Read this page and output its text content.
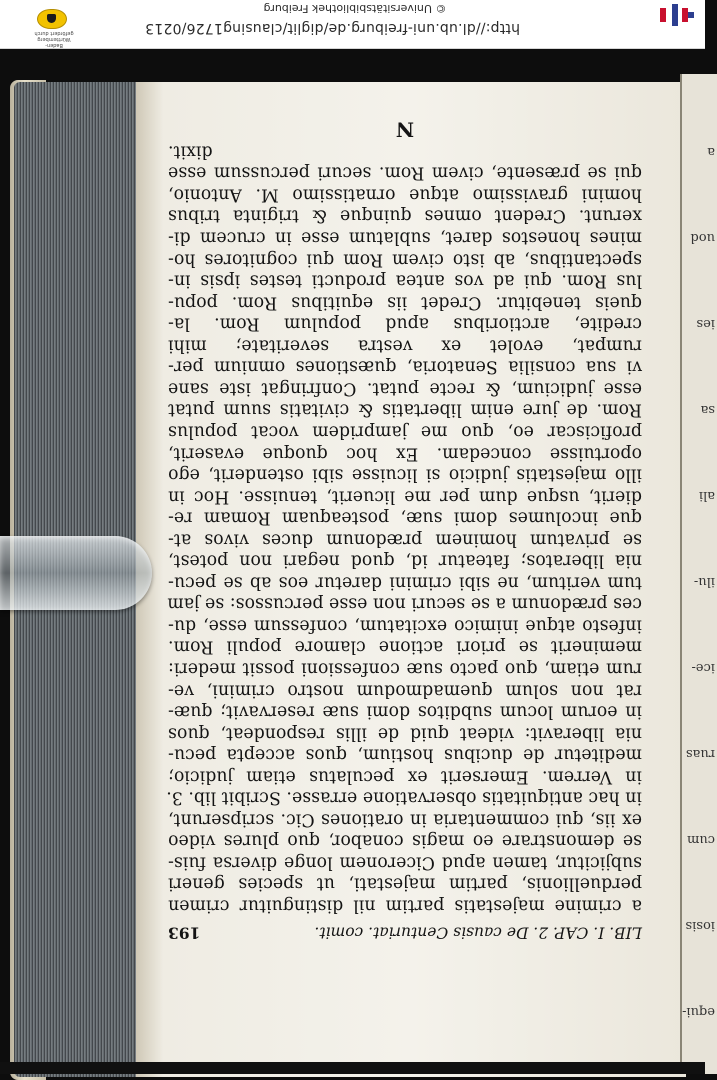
Baden-Württemberg
gefördert durch
© Universitätsbibliothek Freiburg
http://dl.ub.uni-freiburg.de/diglit/clausing1726/0213
equi-
iosis
cum
ruas
ice-
ilu-
ali
sa
ies
uod
a
LIB. I. CAP. 2. De causis Centuriat. comit.
193
a crimine majestatis partim nil distinguitur crimen
perduellionis, partim majestati, ut species generi
subjicitur, tamen apud Ciceronem longe diversa fuis-
se demonstrare eo magis conabor, quo plures video
ex iis, qui commentaria in orationes Cic. scripserunt,
in hac antiquitatis observatione errasse. Scribit lib. 3.
in Verrem. Emerserit ex peculatus etiam judicio;
meditetur de ducibus hostium, quos accepta pecu-
nia liberavit: videat quid de illis respondeat, quos
in eorum locum subditos domi suæ reservavit; quæ-
rat non solum quemadmodum nostro crimini, ve-
rum etiam, quo pacto suæ confessioni possit mederi:
meminerit se priori actione clamore populi Rom.
infesto atque inimico excitatum, confessum esse, du-
ces prædonum a se securi non esse percussos: se jam
tum veritum, ne sibi crimini daretur eos ab se pecu-
nia liberatos; fateatur id, quod negari non potest,
se privatum hominem prædonum duces vivos at-
que incolumes domi suæ, posteaquam Romam re-
dierit, usque dum per me licuerit, tenuisse. Hoc in
illo majestatis judicio si licuisse sibi ostenderit, ego
oportuisse concedam. Ex hoc quoque evaserit,
proficiscar eo, quo me jampridem vocat populus
Rom. de jure enim libertatis & civitatis suum putat
esse judicium, & recte putat. Confringat iste sane
vi sua consilia Senatoria, quæstiones omnium per-
rumpat, evolet ex vestra severitate; mihi
credite, arctioribus apud populum Rom. la-
queis tenebitur. Credet iis equitibus Rom. popu-
lus Rom. qui ad vos antea producti testes ipsis in-
spectantibus, ab isto civem Rom qui cognitores ho-
mines honestos daret, sublatum esse in crucem di-
xerunt. Credent omnes quinque & triginta tribus
homini gravissimo atque ornatissimo M. Antonio,
qui se præsente, civem Rom. securi percussum esse
dixit.
N
